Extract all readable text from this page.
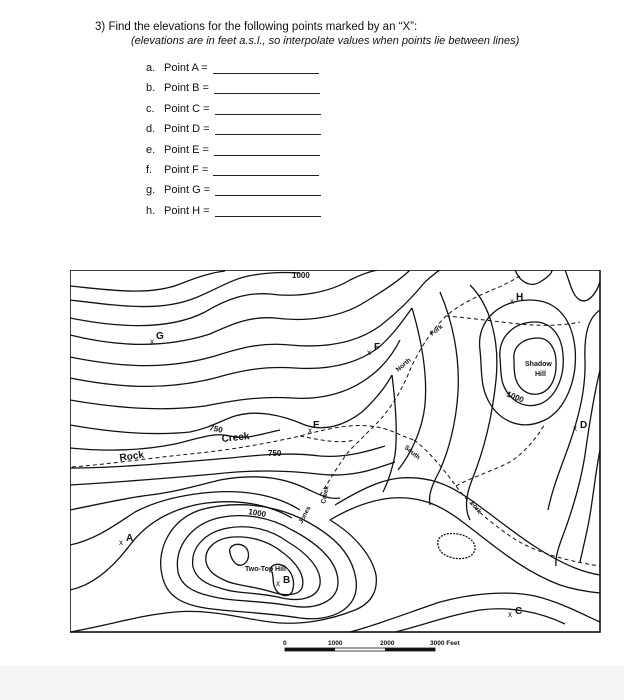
3) Find the elevations for the following points marked by an “X”:
(elevations are in feet a.s.l., so interpolate values when points lie between lines)
a. Point A =
b. Point B =
c. Point C =
d. Point D =
e. Point E =
f.	Point F =
g. Point G =
h. Point H =
1000
1000
1000
750
750
Rock
Creek
Jones
Creek
North
Fork
South
Fork
Two-Top Hill
Shadow
Hill
x G
x F
x E
x A
x B
x C
x D
x H
0	1000	2000	3000 Feet
